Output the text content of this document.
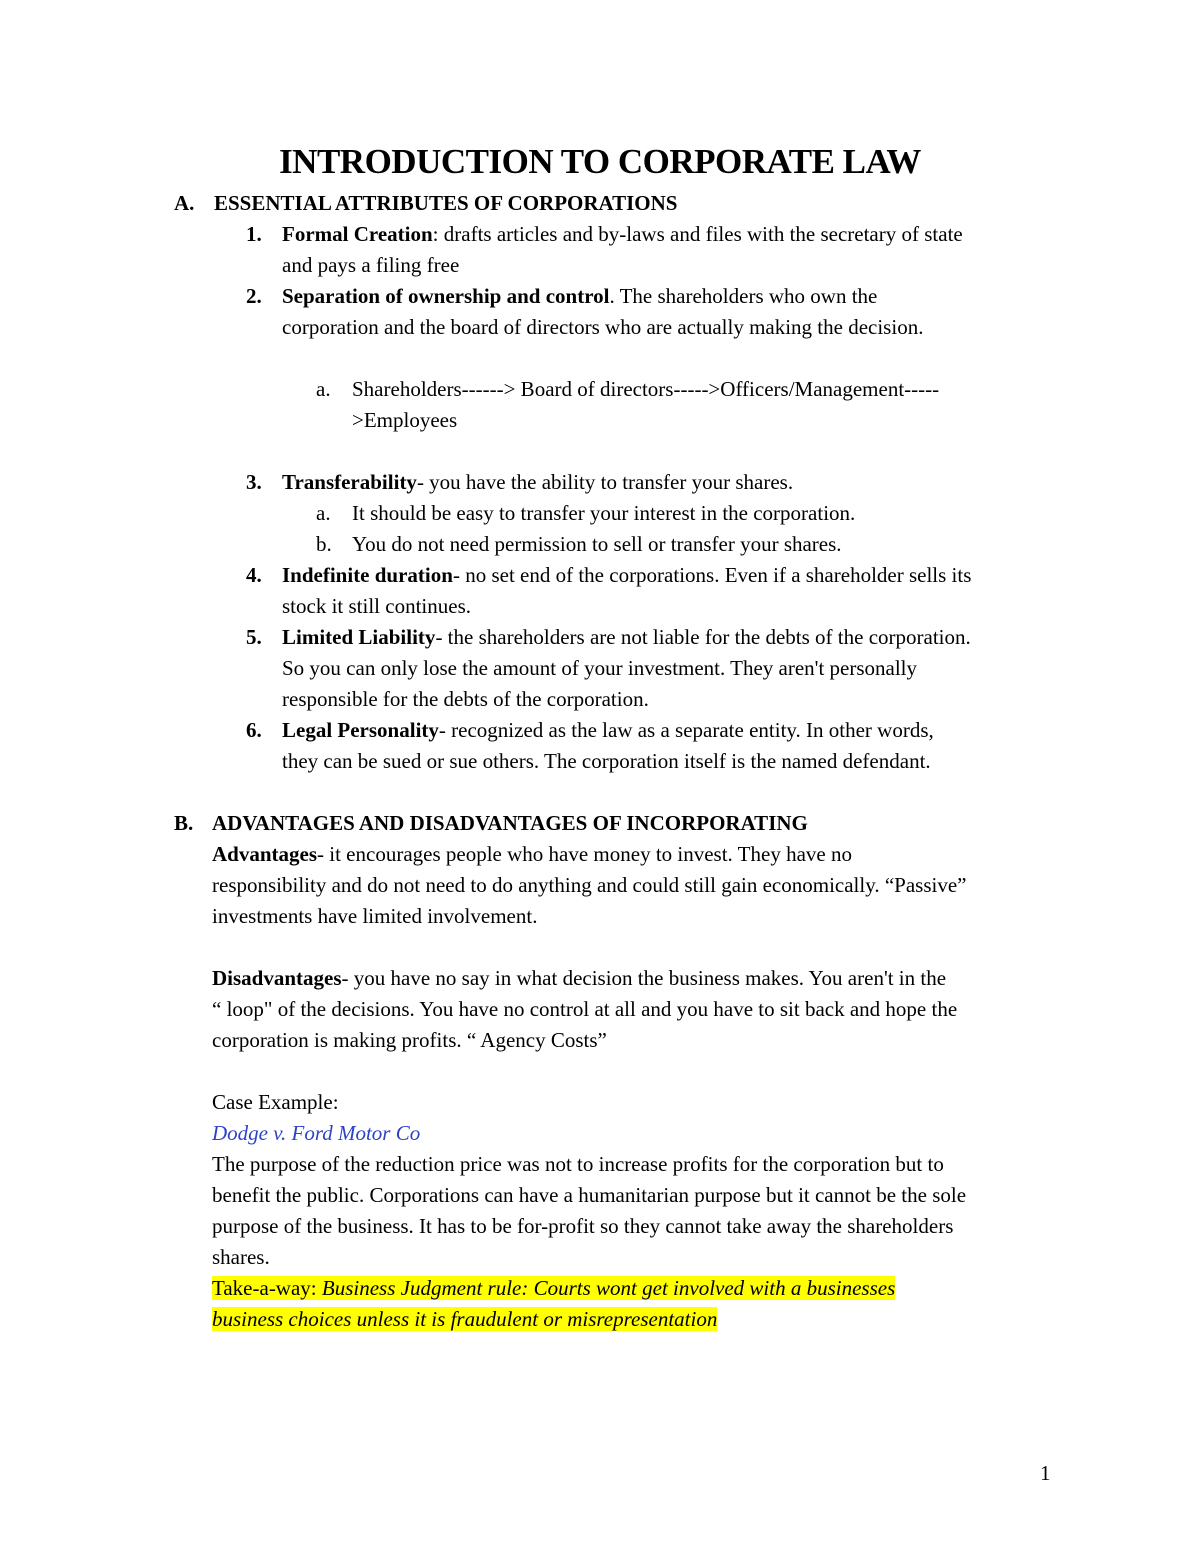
INTRODUCTION TO CORPORATE LAW
A. ESSENTIAL ATTRIBUTES OF CORPORATIONS
1. Formal Creation: drafts articles and by-laws and files with the secretary of state
and pays a filing free
2. Separation of ownership and control. The shareholders who own the
corporation and the board of directors who are actually making the decision.
a.	Shareholders------> Board of directors----->Officers/Management-----
>Employees
3. Transferability- you have the ability to transfer your shares.
a.	It should be easy to transfer your interest in the corporation.
b. You do not need permission to sell or transfer your shares.
4. Indefinite duration- no set end of the corporations. Even if a shareholder sells its
stock it still continues.
5. Limited Liability- the shareholders are not liable for the debts of the corporation.
So you can only lose the amount of your investment. They aren't personally
responsible for the debts of the corporation.
6. Legal Personality- recognized as the law as a separate entity. In other words,
they can be sued or sue others. The corporation itself is the named defendant.
B. ADVANTAGES AND DISADVANTAGES OF INCORPORATING
Advantages- it encourages people who have money to invest. They have no
responsibility and do not need to do anything and could still gain economically. “Passive”
investments have limited involvement.
Disadvantages- you have no say in what decision the business makes. You aren't in the
“ loop" of the decisions. You have no control at all and you have to sit back and hope the
corporation is making profits. “ Agency Costs”
Case Example:
Dodge v. Ford Motor Co
The purpose of the reduction price was not to increase profits for the corporation but to
benefit the public. Corporations can have a humanitarian purpose but it cannot be the sole
purpose of the business. It has to be for-profit so they cannot take away the shareholders
shares.
Take-a-way: Business Judgment rule: Courts wont get involved with a businesses
business choices unless it is fraudulent or misrepresentation
1
